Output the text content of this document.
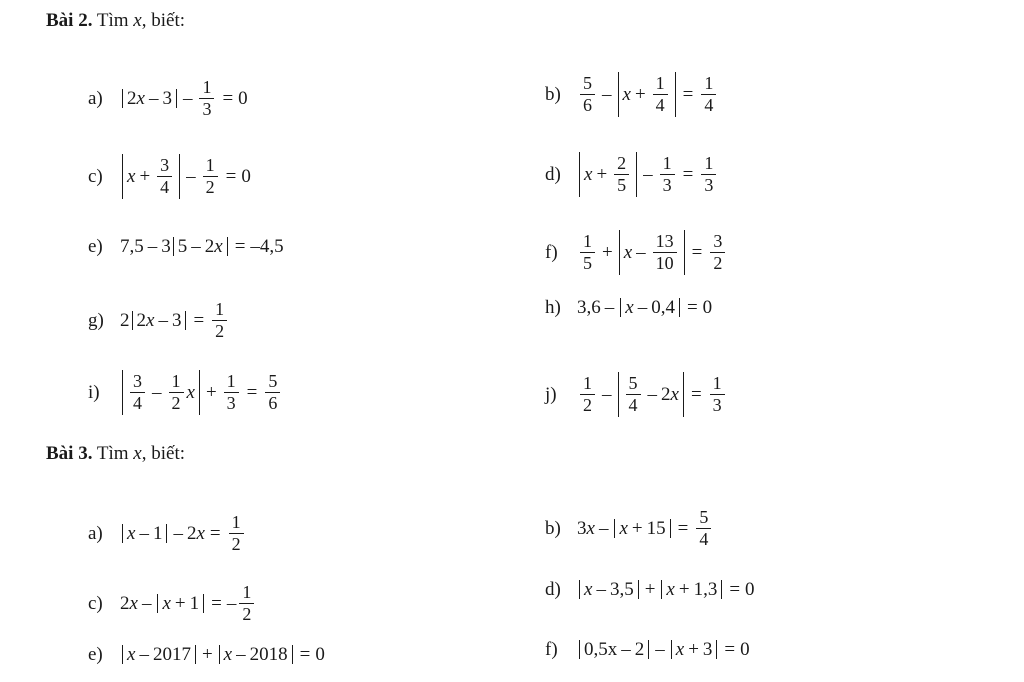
Bài 2. Tìm x, biết:
a)	2 $x - 3 - \frac{1}{3} = 0$	b)	$\frac{5}{6} - x + \frac{1}{4} = \frac{1}{4}$
c)	$x + \frac{3}{4} - \frac{1}{2} = 0$	d)	$x + \frac{2}{5} - \frac{1}{3} = \frac{1}{3}$
e) 7,5 – 3 5 – 2 x = –4,5	f)	$\frac{1}{5} + x - \frac{13}{10} = \frac{3}{2}$
g) 2 2 $x - 3 = \frac{1}{2}$	h) 3,6 – x – 0,4 = 0
i)	$\frac{3}{4} - \frac{1}{2}$ $x + \frac{1}{3} = \frac{5}{6}$	j)	$\frac{1}{2} - \frac{5}{4} - 2$ $x = \frac{1}{3}$
Bài 3. Tìm x, biết:
a)	x – 1 – 2 $x = \frac{1}{2}$	b) 3 $x - x + 15 = \frac{5}{4}$
c) 2 x – x + 1 = – $\frac{1}{2}$	d)	x – 3,5 + x + 1,3 = 0
e)	x – 2017 + x – 2018 = 0	f)	0,5x – 2 – x + 3 = 0
